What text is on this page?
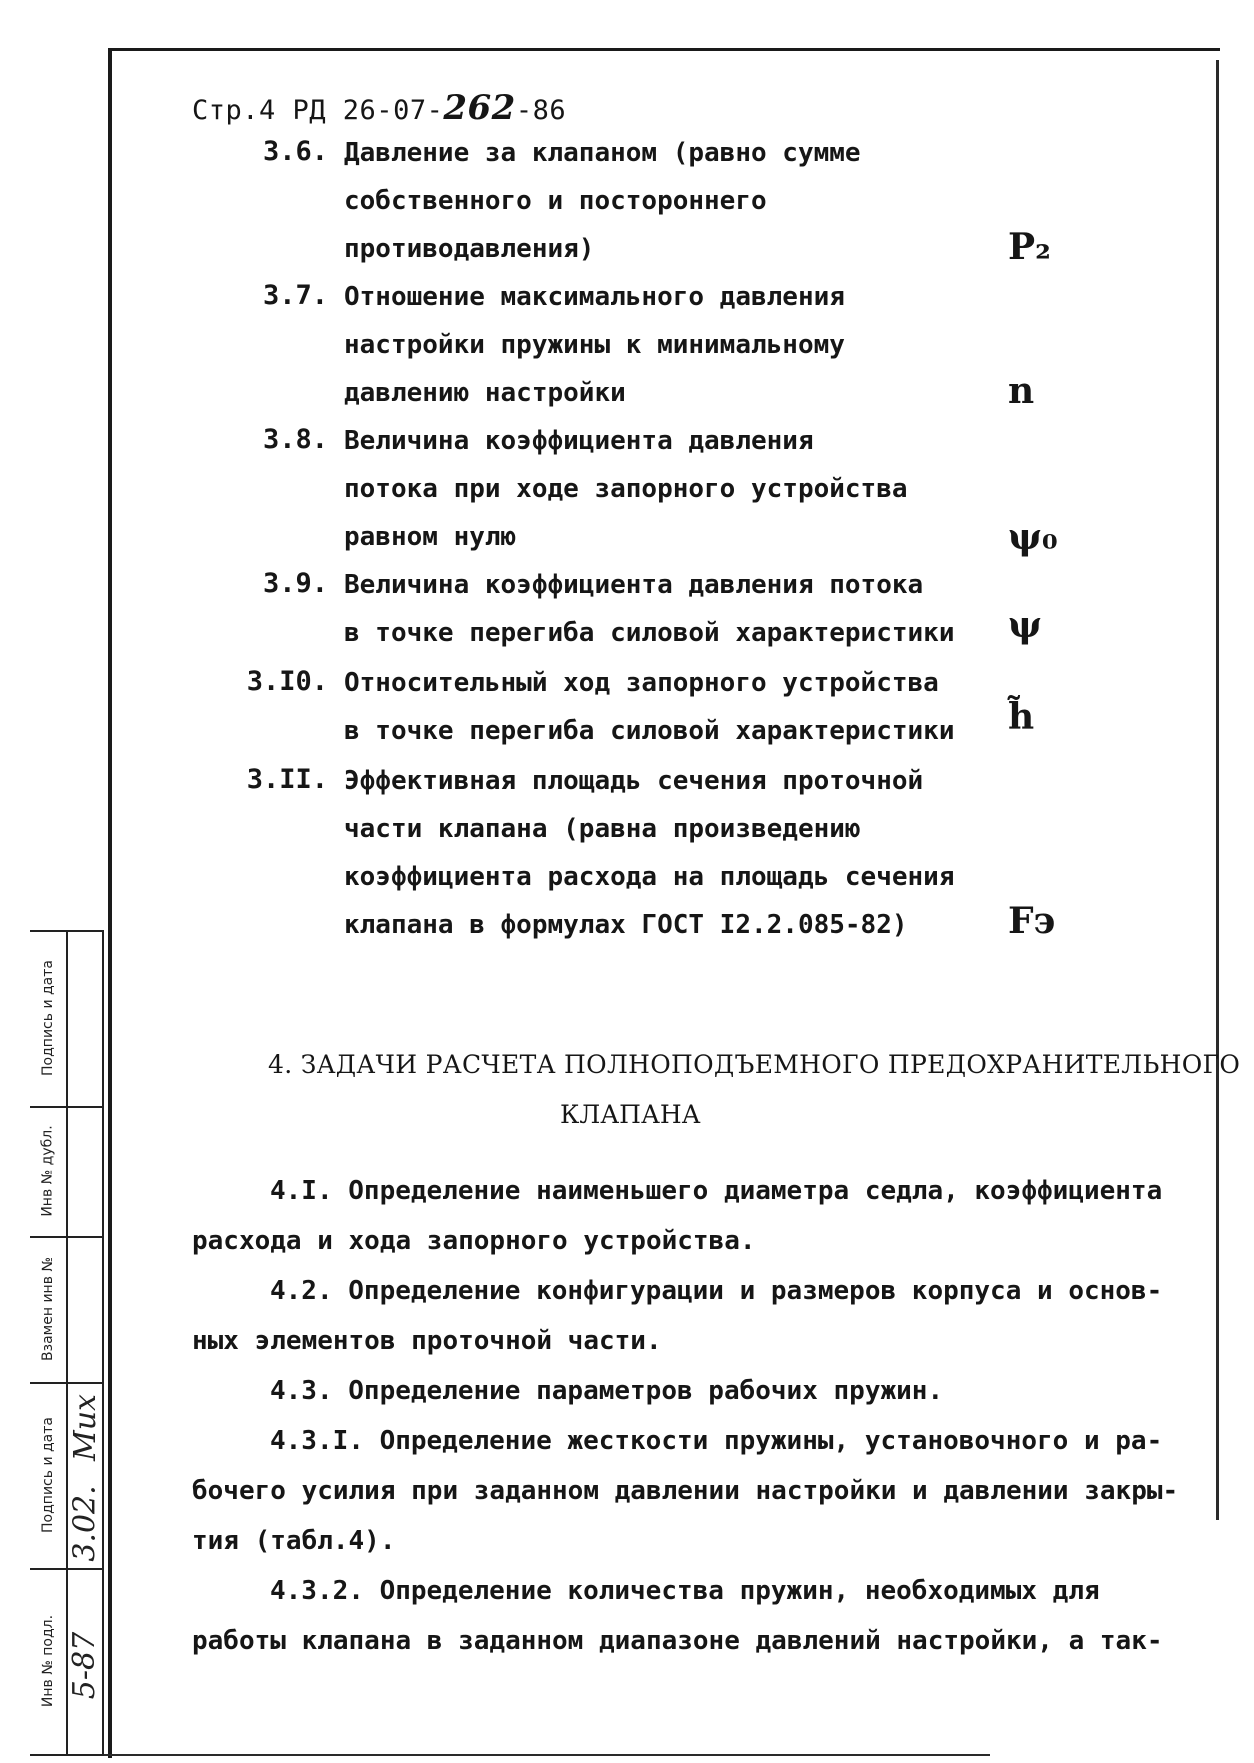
Стр.4 РД 26-07-262-86
3.6. Давление за клапаном (равно сумме
собственного и постороннего
противодавления)	P₂
3.7. Отношение максимального давления
настройки пружины к минимальному
давлению настройки	n
3.8. Величина коэффициента давления
потока при ходе запорного устройства
равном нулю	ψ₀
3.9. Величина коэффициента давления потока
в точке перегиба силовой характеристики ψ
3.I0. Относительный ход запорного устройства
в точке перегиба силовой характеристики h̃
3.II. Эффективная площадь сечения проточной
части клапана (равна произведению
коэффициента расхода на площадь сечения
клапана в формулах ГОСТ I2.2.085-82)	Fэ
4. ЗАДАЧИ РАСЧЕТА ПОЛНОПОДЪЕМНОГО ПРЕДОХРАНИТЕЛЬНОГО
КЛАПАНА
4.I. Определение наименьшего диаметра седла, коэффициента
расхода и хода запорного устройства.
4.2. Определение конфигурации и размеров корпуса и основ-
ных элементов проточной части.
4.3. Определение параметров рабочих пружин.
4.3.I. Определение жесткости пружины, установочного и ра-
бочего усилия при заданном давлении настройки и давлении закры-
тия (табл.4).
4.3.2. Определение количества пружин, необходимых для
работы клапана в заданном диапазоне давлений настройки, а так-
Подпись и дата
Инв № дубл.
Взамен инв №
Подпись и дата
Инв № подл.
Мих
3.02.
5-87
